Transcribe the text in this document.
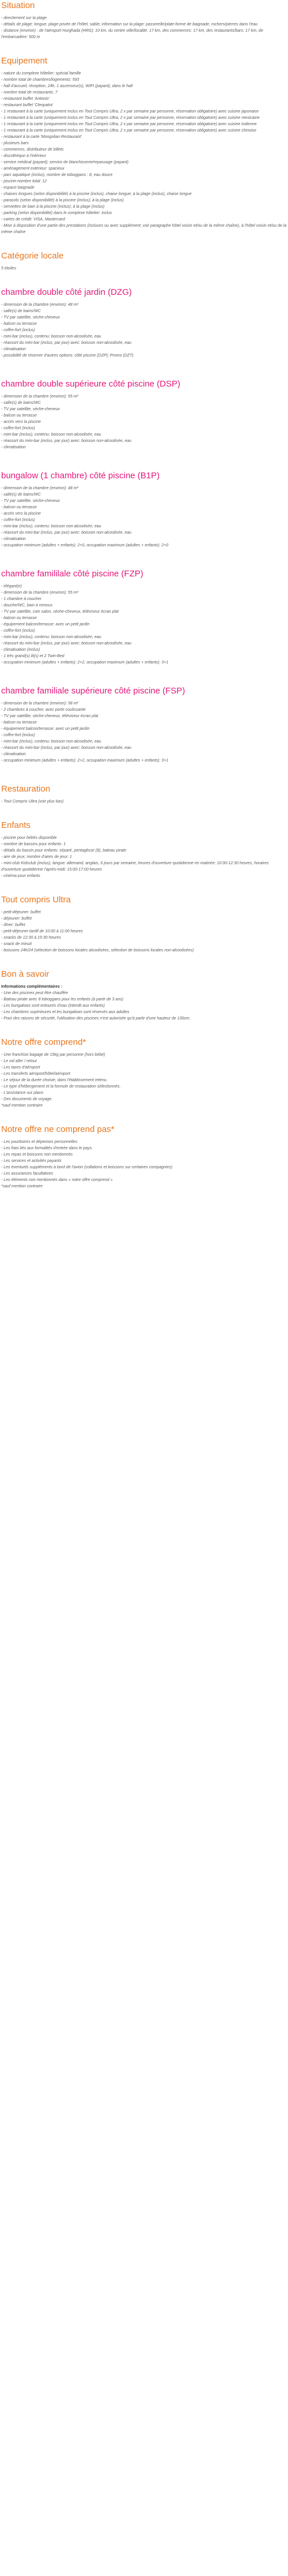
Situation
- directement sur la plage
- détails de plage: longue, plage privée de l'hôtel, sable; information sur la plage: passerelle/plate-forme de baignade, rochers/pierres dans l'eau
- distance (environ) : de l'aéroport Hurghada (HRG): 10 km, du centre ville/localité: 17 km, des commerces: 17 km, des restaurants/bars: 17 km, de l'embarcadère: 500 m
Equipement
- nature du complexe hôtelier: spécial famille
- nombre total de chambres/logements: 593
- hall d'accueil, réception, 24h, 1 ascenseur(s), WIFI (payant), dans le hall
- nombre total de restaurants: 7
- restaurant buffet 'Antonio'
- restaurant buffet 'Cleopatra'
- 1 restaurant à la carte (uniquement inclus en Tout Compris Ultra, 2 x par semaine par personne, réservation obligatoire) avec cuisine japonaise
- 1 restaurant à la carte (uniquement inclus en Tout Compris Ultra, 2 x par semaine par personne, réservation obligatoire) avec cuisine mexicaine
- 1 restaurant à la carte (uniquement inclus en Tout Compris Ultra, 2 x par semaine par personne, réservation obligatoire) avec cuisine indienne
- 1 restaurant à la carte (uniquement inclus en Tout Compris Ultra, 2 x par semaine par personne, réservation obligatoire) avec cuisine chinoise
- restaurant à la carte 'Mongolian Restaurant'
- plusieurs bars
- commerces, distributeur de billets
- discothèque à l'intérieur
- service médical (payant); service de blanchisserie/repassage (payant)
- aménagement extérieur: spacieux
- parc aquatique (inclus), nombre de toboggans : 8, eau douce
- piscine-nombre total: 12
- espace baignade
- chaises longues (selon disponibilité) à la piscine (inclus), chaise longue; à la plage (inclus), chaise longue
- parasols (selon disponibilité) à la piscine (inclus); à la plage (inclus)
- serviettes de bain à la piscine (inclus); à la plage (inclus)
- parking (selon disponibilité) dans le complexe hôtelier: inclus
- cartes de crédit: VISA, Mastercard
- Mise à disposition d'une partie des prestations (incluses ou avec supplément; voir paragraphe hôtel voisin et/ou de la même chaîne), à l'hôtel voisin et/ou de la même chaîne
Catégorie locale

5 étoiles

chambre double côté jardin (DZG)
- dimension de la chambre (environ): 48 m²
- salle(s) de bains/WC
- TV par satellite, sèche-cheveux
- balcon ou terrasse
- coffre-fort (inclus)
- mini-bar (inclus), contenu: boisson non-alcoolisée, eau
- réassort du mini-bar (inclus, par jour) avec: boisson non-alcoolisée, eau
- climatisation
- possibilité de réserver d'autres options: côté piscine (DZP); Promo (DZT)
chambre double supérieure côté piscine (DSP)
- dimension de la chambre (environ): 55 m²
- salle(s) de bains/WC
- TV par satellite, sèche-cheveux
- balcon ou terrasse
- accès vers la piscine
- coffre-fort (inclus)
- mini-bar (inclus), contenu: boisson non-alcoolisée, eau
- réassort du mini-bar (inclus, par jour) avec: boisson non-alcoolisée, eau
- climatisation
bungalow (1 chambre) côté piscine (B1P)
- dimension de la chambre (environ): 48 m²
- salle(s) de bains/WC
- TV par satellite, sèche-cheveux
- balcon ou terrasse
- accès vers la piscine
- coffre-fort (inclus)
- mini-bar (inclus), contenu: boisson non-alcoolisée, eau
- réassort du mini-bar (inclus, par jour) avec: boisson non-alcoolisée, eau
- climatisation
- occupation minimum (adultes + enfants): 2+0, occupation maximum (adultes + enfants): 2+0
chambre famililale côté piscine (FZP)
- élégant(e)
- dimension de la chambre (environ): 55 m²
- 1 chambre à coucher
- douche/WC, bain à remous
- TV par satellite, coin salon, sèche-cheveux, téléviseur écran plat
- balcon ou terrasse
- équipement balcon/terrasse: avec un petit jardin
- coffre-fort (inclus)
- mini-bar (inclus), contenu: boisson non-alcoolisée, eau
- réassort du mini-bar (inclus, par jour) avec: boisson non-alcoolisée, eau
- climatisation (inclus)
- 1 très grand(s) lit(s) et 2 Twin-Bed
- occupation minimum (adultes + enfants): 2+2, occupation maximum (adultes + enfants): 3+1
chambre familiale supérieure côté piscine (FSP)
- dimension de la chambre (environ): 58 m²
- 2 chambres à coucher, avec porte coulissante
- TV par satellite, sèche-cheveux, téléviseur écran plat
- balcon ou terrasse
- équipement balcon/terrasse: avec un petit jardin
- coffre-fort (inclus)
- mini-bar (inclus), contenu: boisson non-alcoolisée, eau
- réassort du mini-bar (inclus, par jour) avec: boisson non-alcoolisée, eau
- climatisation
- occupation minimum (adultes + enfants): 2+2, occupation maximum (adultes + enfants): 3+1
Restauration
- Tout Compris Ultra (voir plus bas)
Enfants
- piscine pour bébés disponible
- nombre de bassins pour enfants: 1
- détails du bassin pour enfants: séparé, pentaglisse (8), bateau pirate
- aire de jeux; nombre d'aires de jeux: 1
- mini-club Kidsclub (inclus), langue: allemand, anglais, 6 jours par semaine, heures d'ouverture quotidienne en matinée: 10:00-12:30 heures, horaires d'ouverture quotidienne l'après-midi: 15:00-17:00 heures
- cinéma pour enfants
Tout compris Ultra
- petit-déjeuner: buffet
- déjeuner: buffet
- dîner: buffet
- petit-déjeuner tardif de 10:00 à 11:00 heures
- snacks de 12:30 à 15:30 heures
- snack de minuit
- boissons 24h/24 (sélection de boissons locales alcoolisées, sélection de boissons locales non-alcoolisées)
Bon à savoir
Informations complémentaires :
- Une des piscines peut être chauffée
- Bateau pirate avec 8 toboggans pour les enfants (à partir de 3 ans)
- Les bungalows sont entourés d'eau (interdit aux enfants)
- Les chambres supérieures et les bungalows sont réservés aux adultes
- Pour des raisons de sécurité, l'utilisation des piscines n'est autorisée qu'à partir d'une hauteur de 130cm.
Notre offre comprend*
- Une franchise bagage de 15kg par personne (hors bébé)
- Le vol aller / retour
- Les taxes d'aéroport
- Les transferts aéroport/hôtel/aéroport
- Le séjour de la durée choisie, dans l'établissement retenu.
- Le type d'hébergement et la formule de restauration sélectionnés.
- L'assistance sur place.
- Des documents de voyage.
*sauf mention contraire
Notre offre ne comprend pas*
- Les pourboires et dépenses personnelles
- Les frais liés aux formalités d'entrée dans le pays.
- Les repas et boissons non mentionnés
- Les services et activités payants
- Les éventuels suppléments à bord de l'avion (collations et boissons sur certaines compagnies)
- Les assurances facultatives
- Les éléments non mentionnés dans « notre offre comprend »
*sauf mention contraire
